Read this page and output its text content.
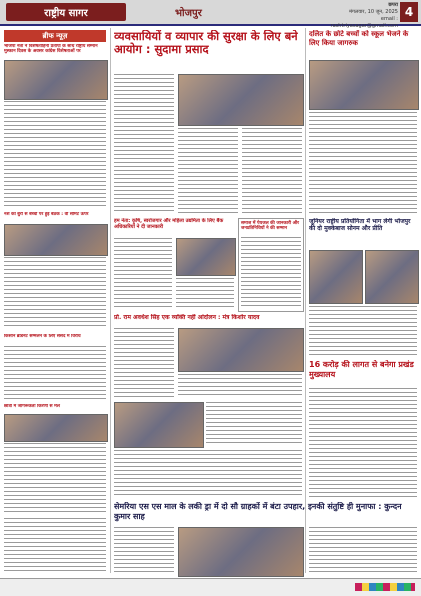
राष्ट्रीय सागर	भोजपुर
छपरा
मंगलवार, 10 जून, 2025
email : rashtriyasagar@gmail.com
4
ब्रीफ न्यूज़
भाजपा नेता ने विशेषताहिनी प्रतापा के साथ राष्ट्रीय सम्मान मुस्कान दिवस के अवसर कांग्रेस विशेषताओं पर
नशें की बुरी से बच्चों पर हुई बैठक : वी समिट ऊपर
किसान ब्रॉडनेट सम्मेलन के लिए संसद में विरोध
छात्रों में जागरूकता किरणों से मेल
व्यवसायियों व व्यापार की सुरक्षा के लिए बने आयोग : सुदामा प्रसाद
हम नेता: कृषि, स्वरोजगार और महिला उद्यमिता के लिए बैंक अधिकारियों ने दी जानकारी
समाज में पेयजल की जानकारी और जनप्रतिनिधियों ने की सम्मान
प्रो. राम अवधेश सिंह एक व्यक्ति नहीं आंदोलन : मंत्र किशोर यादव
सेमरिया एस एस माल के लकी ड्रा में दो सौ ग्राहकों में बंटा उपहार, इनकी संतुष्टि ही मुनाफा : कुन्दन कुमार साह
दलित के छोटे बच्चों को स्कूल भेजने के लिए किया जागरुक
जूनियर राष्ट्रीय प्रतियोगिता में भाग लेगी भोजपुर की दो मुक्केबाज सोनम और प्रीति
16 करोड़ की लागत से बनेगा प्रखंड मुख्यालय
